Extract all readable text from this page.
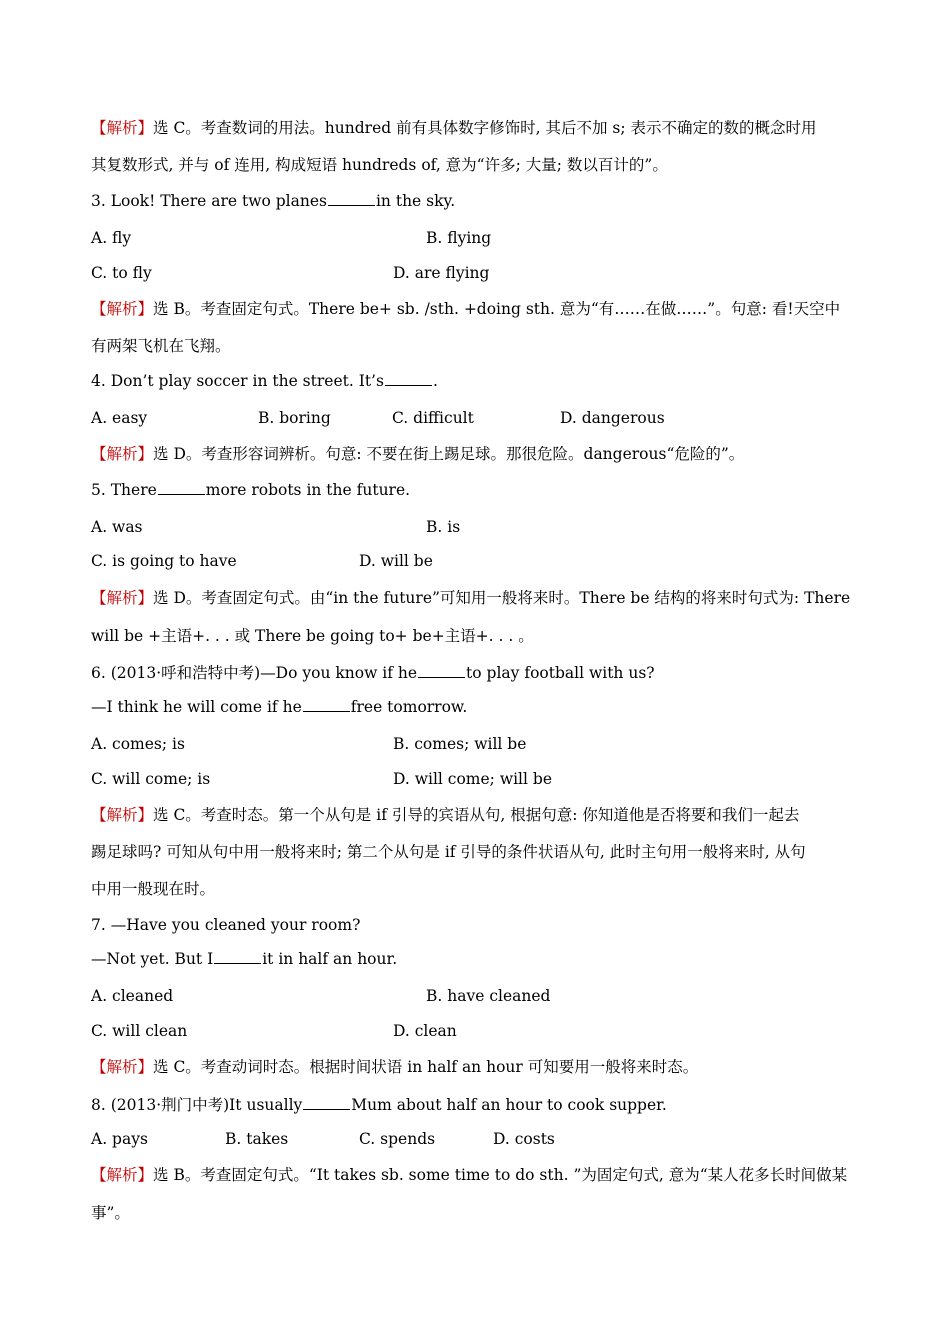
【解析】选 C。考查数词的用法。hundred 前有具体数字修饰时, 其后不加 s; 表示不确定的数的概念时用
其复数形式, 并与 of 连用, 构成短语 hundreds of, 意为“许多; 大量; 数以百计的”。
3. Look! There are two planes	in the sky.
A. fly	B. flying
C. to fly	D. are flying
【解析】选 B。考查固定句式。There be+ sb. /sth. +doing sth. 意为“有……在做……”。句意: 看!天空中
有两架飞机在飞翔。
4. Don’t play soccer in the street. It’s	.
A. easy	B. boring	C. difficult	D. dangerous
【解析】选 D。考查形容词辨析。句意: 不要在街上踢足球。那很危险。dangerous“危险的”。
5. There	more robots in the future.
A. was	B. is
C. is going to have	D. will be
【解析】选 D。考查固定句式。由“in the future”可知用一般将来时。There be 结构的将来时句式为: There
will be +主语+. . . 或 There be going to+ be+主语+. . . 。
6. (2013·呼和浩特中考)—Do you know if he	to play football with us?
—I think he will come if he	free tomorrow.
A. comes; is	B. comes; will be
C. will come; is	D. will come; will be
【解析】选 C。考查时态。第一个从句是 if 引导的宾语从句, 根据句意: 你知道他是否将要和我们一起去
踢足球吗? 可知从句中用一般将来时; 第二个从句是 if 引导的条件状语从句, 此时主句用一般将来时, 从句
中用一般现在时。
7. —Have you cleaned your room?
—Not yet. But I	it in half an hour.
A. cleaned	B. have cleaned
C. will clean	D. clean
【解析】选 C。考查动词时态。根据时间状语 in half an hour 可知要用一般将来时态。
8. (2013·荆门中考)It usually	Mum about half an hour to cook supper.
A. pays	B. takes	C. spends	D. costs
【解析】选 B。考查固定句式。“It takes sb. some time to do sth. ”为固定句式, 意为“某人花多长时间做某
事”。
